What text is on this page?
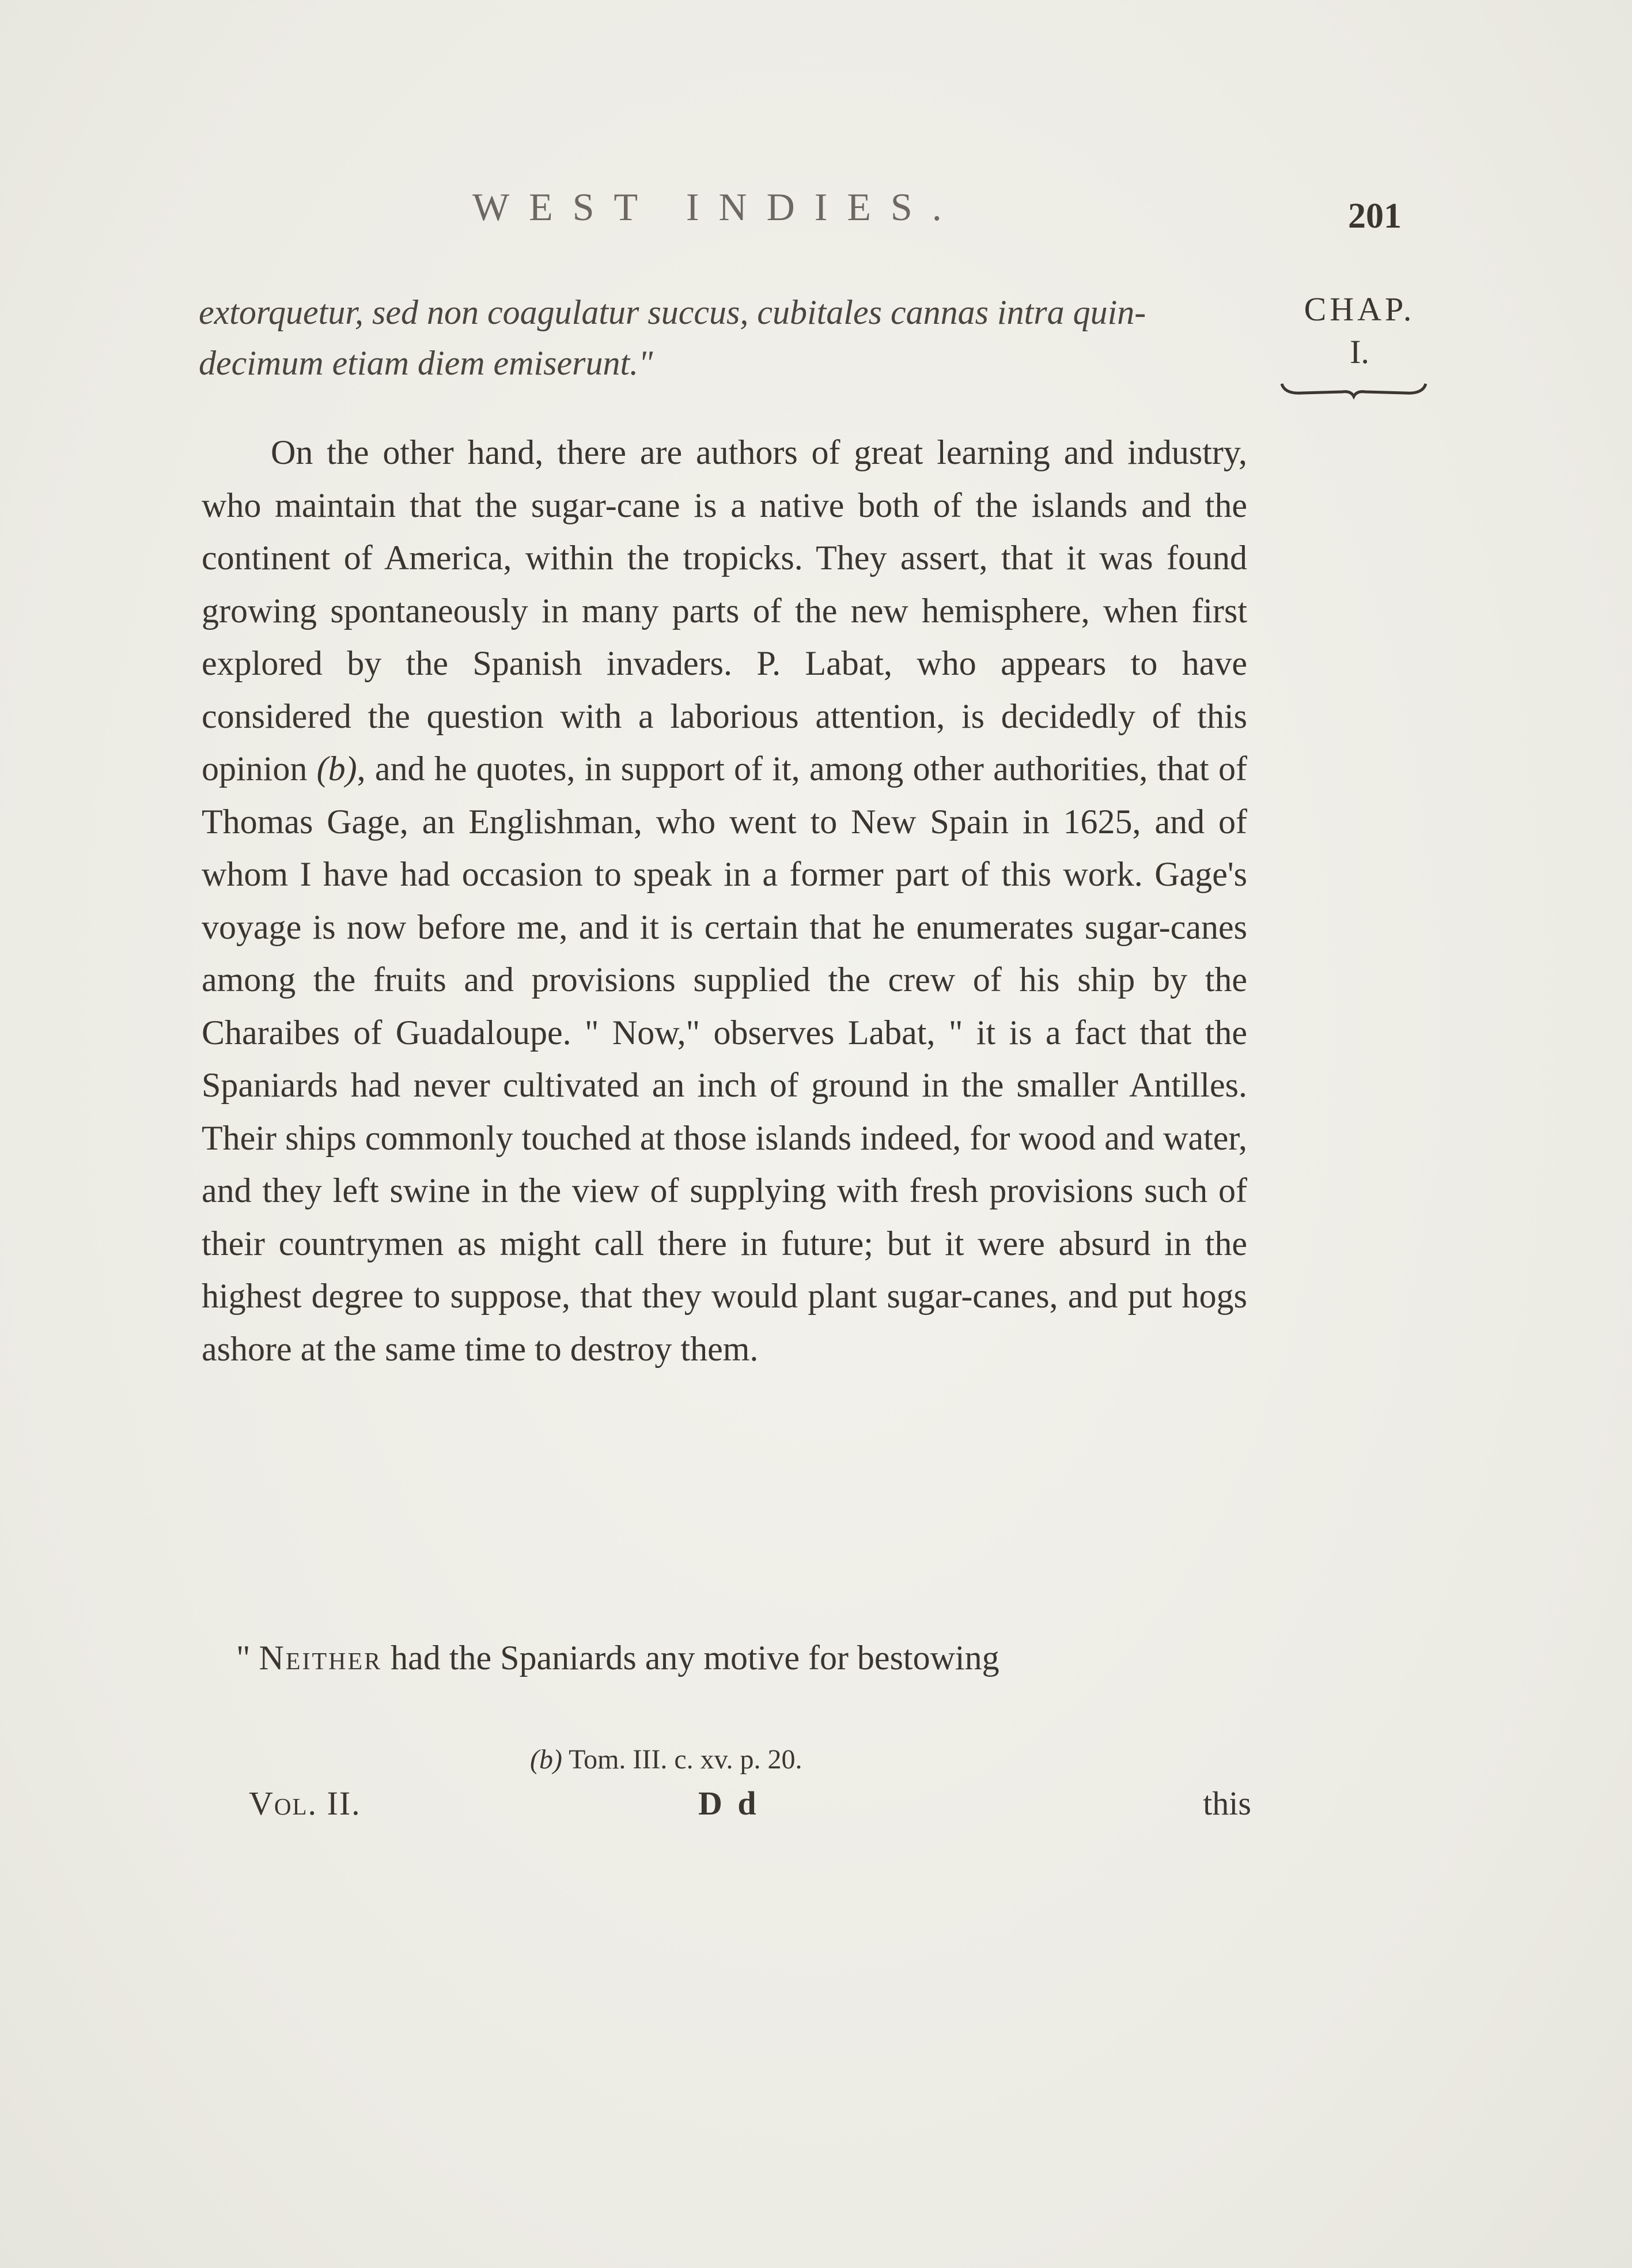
WEST INDIES.	201
CHAP.
I.
extorquetur, sed non coagulatur succus, cubitales cannas intra quin-
decimum etiam diem emiserunt."

On the other hand, there are authors of great learning and industry, who maintain that the sugar-cane is a native both of the islands and the continent of America, within the tropicks. They assert, that it was found growing spontaneously in many parts of the new hemisphere, when first explored by the Spanish invaders. P. Labat, who appears to have considered the question with a laborious attention, is decidedly of this opinion (b), and he quotes, in support of it, among other authorities, that of Thomas Gage, an Englishman, who went to New Spain in 1625, and of whom I have had occasion to speak in a former part of this work. Gage's voyage is now before me, and it is certain that he enumerates sugar-canes among the fruits and provisions supplied the crew of his ship by the Charaibes of Guadaloupe. " Now," observes Labat, " it is a fact that the Spaniards had never cultivated an inch of ground in the smaller Antilles. Their ships commonly touched at those islands indeed, for wood and water, and they left swine in the view of supplying with fresh provisions such of their countrymen as might call there in future; but it were absurd in the highest degree to suppose, that they would plant sugar-canes, and put hogs ashore at the same time to destroy them.

" Neither had the Spaniards any motive for bestowing

(b) Tom. III. c. xv. p. 20.
Vol. II.	D d	this
